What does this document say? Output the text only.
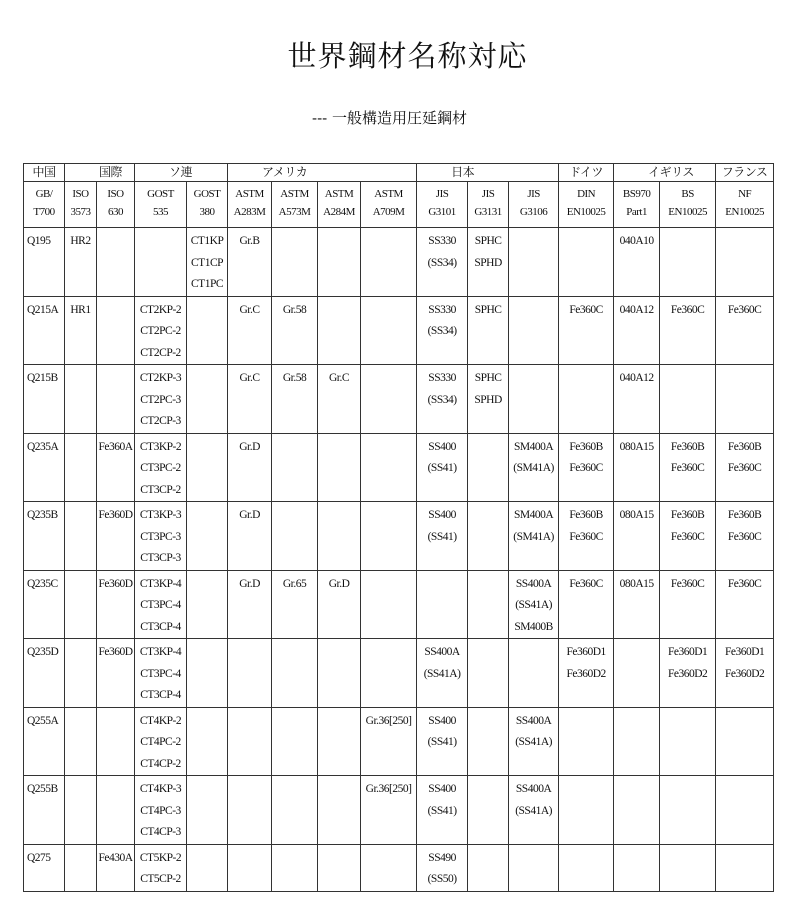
世界鋼材名称対応

--- 一般構造用圧延鋼材

中国	国際		ソ連		アメリカ				日本			ドイツ	イギリス		フランス

GB/
T700	ISO
3573	ISO
630	GOST
535	GOST
380	ASTM
A283M	ASTM
A573M	ASTM
A284M	ASTM
A709M	JIS
G3101	JIS
G3131	JIS
G3106	DIN
EN10025	BS970
Part1	BS
EN10025	NF
EN10025

Q195	HR2			CT1KP
CT1CP
CT1PC	Gr.B				SS330
(SS34)	SPHC
SPHD			040A10		

Q215A	HR1		CT2KP-2
CT2PC-2
CT2CP-2		Gr.C	Gr.58			SS330
(SS34)	SPHC		Fe360C	040A12	Fe360C	Fe360C

Q215B			CT2KP-3
CT2PC-3
CT2CP-3		Gr.C	Gr.58	Gr.C		SS330
(SS34)	SPHC
SPHD			040A12		

Q235A		Fe360A	CT3KP-2
CT3PC-2
CT3CP-2		Gr.D				SS400
(SS41)		SM400A
(SM41A)	Fe360B
Fe360C	080A15	Fe360B
Fe360C	Fe360B
Fe360C

Q235B		Fe360D	CT3KP-3
CT3PC-3
CT3CP-3		Gr.D				SS400
(SS41)		SM400A
(SM41A)	Fe360B
Fe360C	080A15	Fe360B
Fe360C	Fe360B
Fe360C

Q235C		Fe360D	CT3KP-4
CT3PC-4
CT3CP-4		Gr.D	Gr.65	Gr.D				SS400A
(SS41A)
SM400B	Fe360C	080A15	Fe360C	Fe360C

Q235D		Fe360D	CT3KP-4
CT3PC-4
CT3CP-4						SS400A
(SS41A)			Fe360D1
Fe360D2		Fe360D1
Fe360D2	Fe360D1
Fe360D2

Q255A			CT4KP-2
CT4PC-2
CT4CP-2					Gr.36[250]	SS400
(SS41)		SS400A
(SS41A)				

Q255B			CT4KP-3
CT4PC-3
CT4CP-3					Gr.36[250]	SS400
(SS41)		SS400A
(SS41A)				

Q275		Fe430A	CT5KP-2
CT5CP-2						SS490
(SS50)						
